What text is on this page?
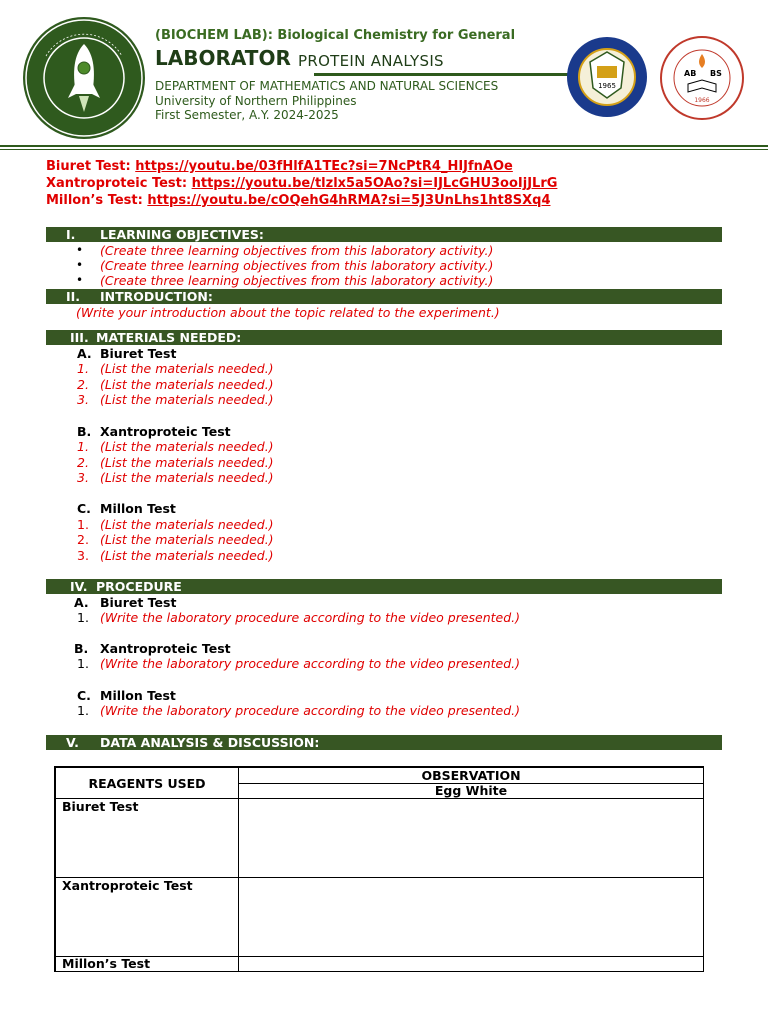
(BIOCHEM LAB): Biological Chemistry for General
LABORATOR PROTEIN ANALYSIS
DEPARTMENT OF MATHEMATICS AND NATURAL SCIENCES
University of Northern Philippines
First Semester, A.Y. 2024-2025
1965
AB BS
1966
Biuret Test: https://youtu.be/03fHlfA1TEc?si=7NcPtR4_HIJfnAOe
Xantroproteic Test: https://youtu.be/tlzlx5a5OAo?si=IJLcGHU3ooIjJLrG
Millon’s Test: https://youtu.be/cOQehG4hRMA?si=5J3UnLhs1ht8SXq4
I. LEARNING OBJECTIVES:
• (Create three learning objectives from this laboratory activity.)
• (Create three learning objectives from this laboratory activity.)
• (Create three learning objectives from this laboratory activity.)
II. INTRODUCTION:
(Write your introduction about the topic related to the experiment.)
III. MATERIALS NEEDED:
A. Biuret Test
1. (List the materials needed.)
2. (List the materials needed.)
3. (List the materials needed.)
B. Xantroproteic Test
1. (List the materials needed.)
2. (List the materials needed.)
3. (List the materials needed.)
C. Millon Test
1. (List the materials needed.)
2. (List the materials needed.)
3. (List the materials needed.)
IV. PROCEDURE
A. Biuret Test
1. (Write the laboratory procedure according to the video presented.)
B. Xantroproteic Test
1. (Write the laboratory procedure according to the video presented.)
C. Millon Test
1. (Write the laboratory procedure according to the video presented.)
V. DATA ANALYSIS & DISCUSSION:
REAGENTS USED	OBSERVATION
Egg White
Biuret Test
Xantroproteic Test
Millon’s Test
